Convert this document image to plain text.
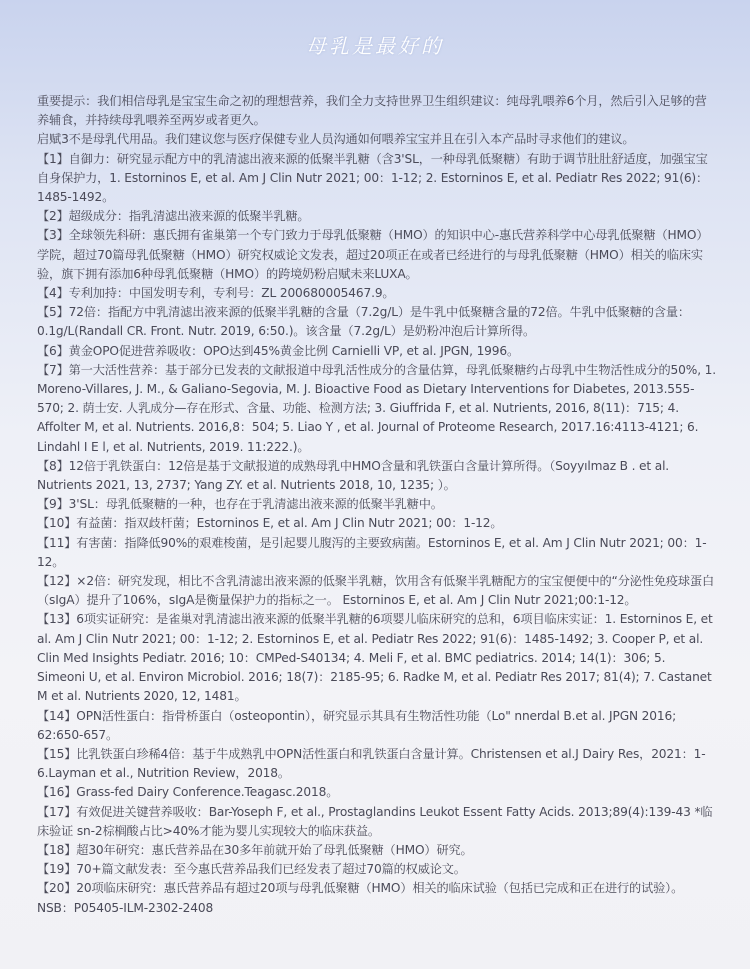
母乳是最好的

重要提示：我们相信母乳是宝宝生命之初的理想营养，我们全力支持世界卫生组织建议：纯母乳喂养6个月，然后引入足够的营养辅食，并持续母乳喂养至两岁或者更久。

启赋3不是母乳代用品。我们建议您与医疗保健专业人员沟通如何喂养宝宝并且在引入本产品时寻求他们的建议。

【1】自御力：研究显示配方中的乳清滤出液来源的低聚半乳糖（含3'SL，一种母乳低聚糖）有助于调节肚肚舒适度，加强宝宝自身保护力，1. Estorninos E, et al. Am J Clin Nutr 2021; 00：1-12; 2. Estorninos E, et al. Pediatr Res 2022; 91(6)：1485-1492。

【2】超级成分：指乳清滤出液来源的低聚半乳糖。

【3】全球领先科研：惠氏拥有雀巢第一个专门致力于母乳低聚糖（HMO）的知识中心-惠氏营养科学中心母乳低聚糖（HMO）学院，超过70篇母乳低聚糖（HMO）研究权威论文发表，超过20项正在或者已经进行的与母乳低聚糖（HMO）相关的临床实验，旗下拥有添加6种母乳低聚糖（HMO）的跨境奶粉启赋未来LUXA。

【4】专利加持：中国发明专利，专利号：ZL 200680005467.9。

【5】72倍：指配方中乳清滤出液来源的低聚半乳糖的含量（7.2g/L）是牛乳中低聚糖含量的72倍。牛乳中低聚糖的含量：0.1g/L(Randall CR. Front. Nutr. 2019, 6:50.)。该含量（7.2g/L）是奶粉冲泡后计算所得。

【6】黄金OPO促进营养吸收：OPO达到45%黄金比例 Carnielli VP, et al. JPGN, 1996。

【7】第一大活性营养：基于部分已发表的文献报道中母乳活性成分的含量估算，母乳低聚糖约占母乳中生物活性成分的50%, 1. Moreno-Villares, J. M., & Galiano-Segovia, M. J. Bioactive Food as Dietary Interventions for Diabetes, 2013.555-570; 2. 荫士安. 人乳成分—存在形式、含量、功能、检测方法; 3. Giuffrida F, et al. Nutrients, 2016, 8(11)：715; 4. Affolter M, et al. Nutrients. 2016,8：504; 5. Liao Y , et al. Journal of Proteome Research, 2017.16:4113-4121; 6. Lindahl I E l, et al. Nutrients, 2019. 11:222.)。

【8】12倍于乳铁蛋白：12倍是基于文献报道的成熟母乳中HMO含量和乳铁蛋白含量计算所得。（Soyyılmaz B . et al. Nutrients 2021, 13, 2737; Yang ZY. et al. Nutrients 2018, 10, 1235; ）。

【9】3'SL：母乳低聚糖的一种，也存在于乳清滤出液来源的低聚半乳糖中。

【10】有益菌：指双歧杆菌；Estorninos E, et al. Am J Clin Nutr 2021; 00：1-12。

【11】有害菌：指降低90%的艰难梭菌，是引起婴儿腹泻的主要致病菌。Estorninos E, et al. Am J Clin Nutr 2021; 00：1-12。

【12】×2倍：研究发现，相比不含乳清滤出液来源的低聚半乳糖，饮用含有低聚半乳糖配方的宝宝便便中的“分泌性免疫球蛋白（sIgA）提升了106%，sIgA是衡量保护力的指标之一。 Estorninos E, et al. Am J Clin Nutr 2021;00:1-12。

【13】6项实证研究：是雀巢对乳清滤出液来源的低聚半乳糖的6项婴儿临床研究的总和，6项目临床实证：1. Estorninos E, et al. Am J Clin Nutr 2021; 00：1-12; 2. Estorninos E, et al. Pediatr Res 2022; 91(6)：1485-1492; 3. Cooper P, et al. Clin Med Insights Pediatr. 2016; 10：CMPed-S40134; 4. Meli F, et al. BMC pediatrics. 2014; 14(1)：306; 5. Simeoni U, et al. Environ Microbiol. 2016; 18(7)：2185-95; 6. Radke M, et al. Pediatr Res 2017; 81(4); 7. Castanet M et al. Nutrients 2020, 12, 1481。

【14】OPN活性蛋白：指骨桥蛋白（osteopontin），研究显示其具有生物活性功能（Lo" nnerdal B.et al. JPGN 2016; 62:650-657。

【15】比乳铁蛋白珍稀4倍：基于牛成熟乳中OPN活性蛋白和乳铁蛋白含量计算。Christensen et al.J Dairy Res，2021：1-6.Layman et al., Nutrition Review，2018。

【16】Grass-fed Dairy Conference.Teagasc.2018。

【17】有效促进关键营养吸收：Bar-Yoseph F, et al., Prostaglandins Leukot Essent Fatty Acids. 2013;89(4):139-43 *临床验证 sn-2棕榈酸占比>40%才能为婴儿实现较大的临床获益。

【18】超30年研究：惠氏营养品在30多年前就开始了母乳低聚糖（HMO）研究。

【19】70+篇文献发表：至今惠氏营养品我们已经发表了超过70篇的权威论文。

【20】20项临床研究：惠氏营养品有超过20项与母乳低聚糖（HMO）相关的临床试验（包括已完成和正在进行的试验）。

NSB：P05405-ILM-2302-2408
